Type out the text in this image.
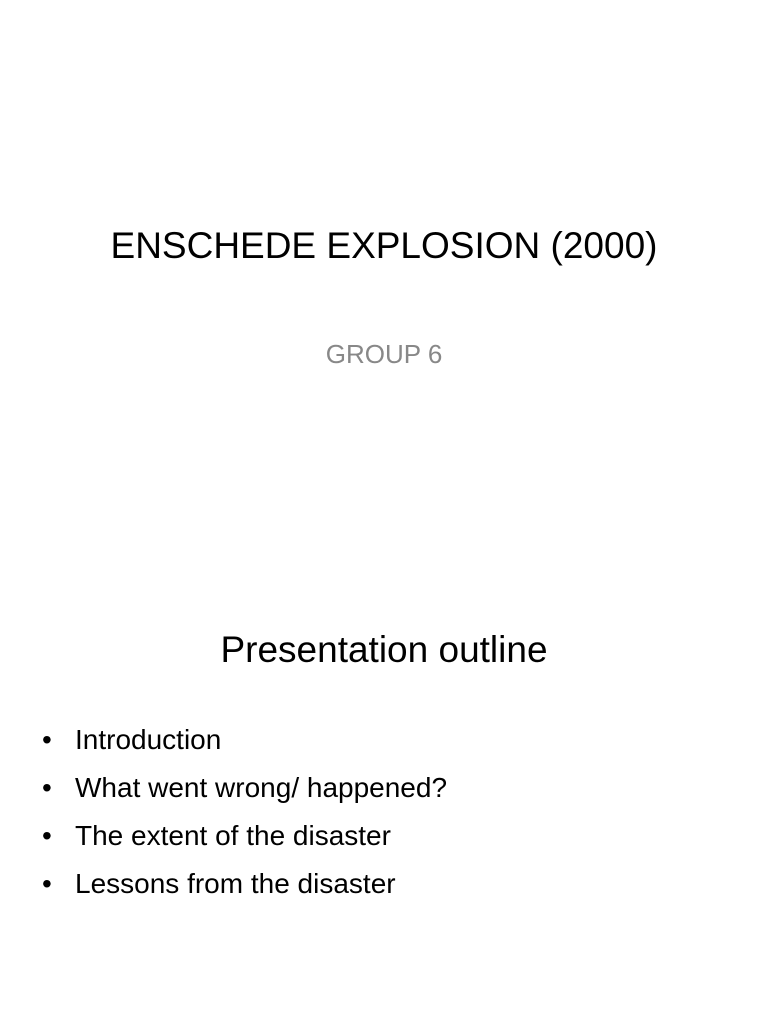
ENSCHEDE EXPLOSION (2000)
GROUP 6
Presentation outline
• Introduction
• What went wrong/ happened?
• The extent of the disaster
• Lessons from the disaster
